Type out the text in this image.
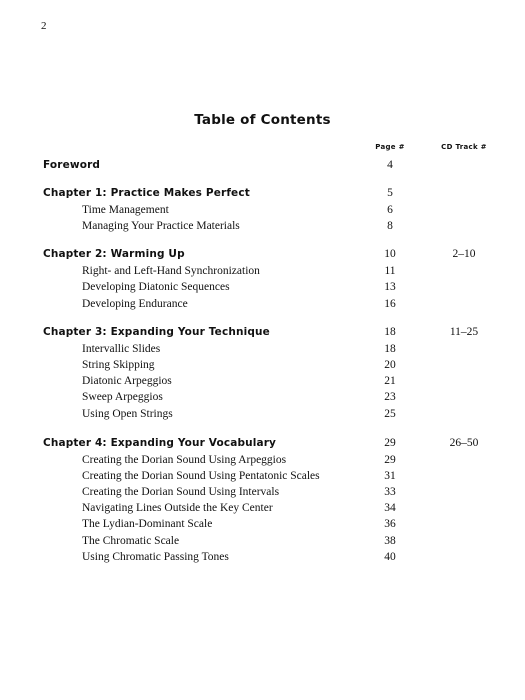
2
Table of Contents
Page #	CD Track #
Foreword	4
Chapter 1: Practice Makes Perfect	5
Time Management	6
Managing Your Practice Materials	8
Chapter 2: Warming Up	10	2–10
Right- and Left-Hand Synchronization	11
Developing Diatonic Sequences	13
Developing Endurance	16
Chapter 3: Expanding Your Technique	18	11–25
Intervallic Slides	18
String Skipping	20
Diatonic Arpeggios	21
Sweep Arpeggios	23
Using Open Strings	25
Chapter 4: Expanding Your Vocabulary	29	26–50
Creating the Dorian Sound Using Arpeggios	29
Creating the Dorian Sound Using Pentatonic Scales	31
Creating the Dorian Sound Using Intervals	33
Navigating Lines Outside the Key Center	34
The Lydian-Dominant Scale	36
The Chromatic Scale	38
Using Chromatic Passing Tones	40
